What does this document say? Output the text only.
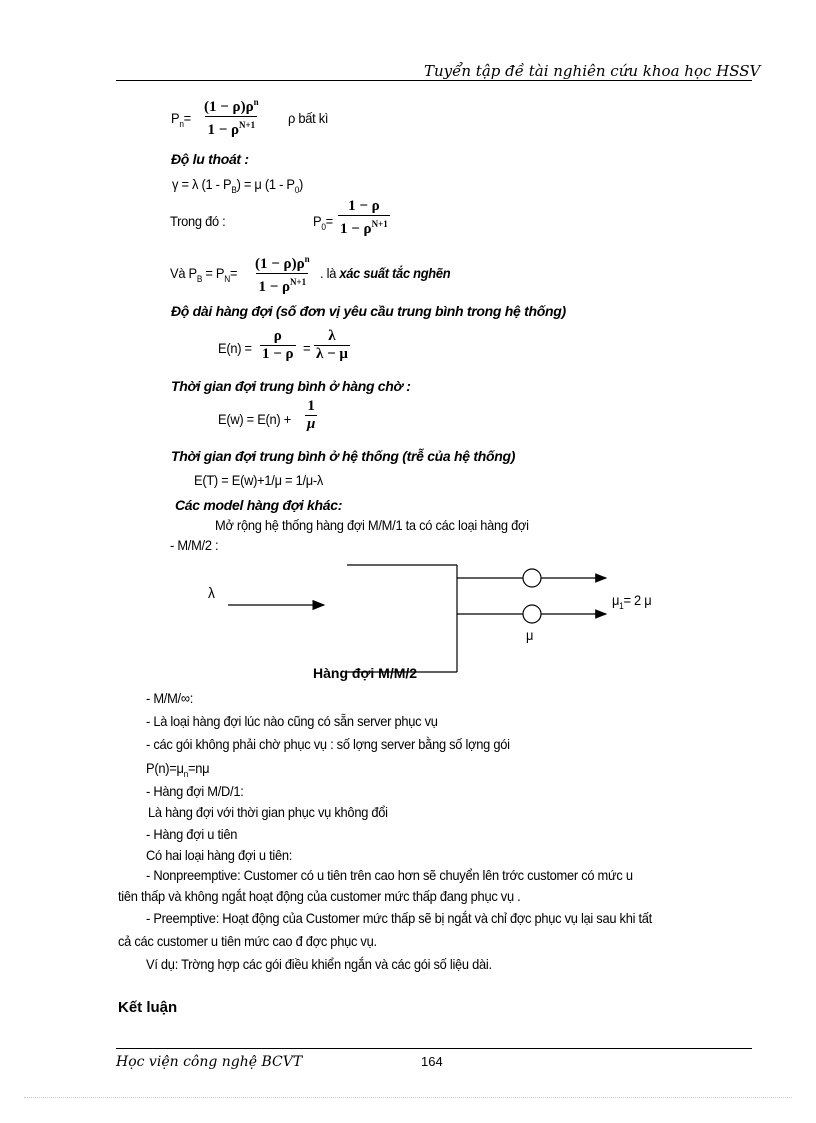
Tuyển tập đề tài nghiên cứu khoa học HSSV
$P_n= \frac{(1 - \rho)\rho^n}{1 - \rho^{N+1}}$ ρ bất kì
Độ lu thoát :
γ = λ $(1 - P_B) = \mu$ $(1 - P_0)$
Trong đó :	$P_0= \frac{1 - \rho}{1 - \rho^{N+1}}$
Và $P_B = P_N= \frac{(1 - \rho)\rho^n}{1 - \rho^{N+1}}$ . là xác suất tắc nghẽn
Độ dài hàng đợi (số đơn vị yêu cầu trung bình trong hệ thống)
$E(n) = \frac{\rho}{1 - \rho} = \frac{\lambda}{\lambda - \mu}$
Thời gian đợi trung bình ở hàng chờ :
$E(w) = E(n) + \frac{1}{\mu}$
Thời gian đợi trung bình ở hệ thống (trễ của hệ thống)
E(T) = E(w)+1/μ = 1/μ-λ
Các model hàng đợi khác:
Mở rộng hệ thống hàng đợi M/M/1 ta có các loại hàng đợi
- M/M/2 :
λ	$\mu_1= 2$ μ
μ
Hàng đợi M/M/2
- M/M/∞:
- Là loại hàng đợi lúc nào cũng có sẵn server phục vụ
- các gói không phải chờ phục vụ : số lợng server bằng số lợng gói
$P(n)=\mu_n=n\mu$
- Hàng đợi M/D/1:
Là hàng đợi với thời gian phục vụ không đổi
- Hàng đợi u tiên
Có hai loại hàng đợi u tiên:
- Nonpreemptive: Customer có u tiên trên cao hơn sẽ chuyển lên trớc customer có mức u
tiên thấp và không ngắt hoạt động của customer mức thấp đang phục vụ .
- Preemptive: Hoạt động của Customer mức thấp sẽ bị ngắt và chỉ đợc phục vụ lại sau khi tất
cả các customer u tiên mức cao đ đợc phục vụ.
Ví dụ: Trờng hợp các gói điều khiển ngắn và các gói số liệu dài.
Kết luận
Học viện công nghệ BCVT	164
